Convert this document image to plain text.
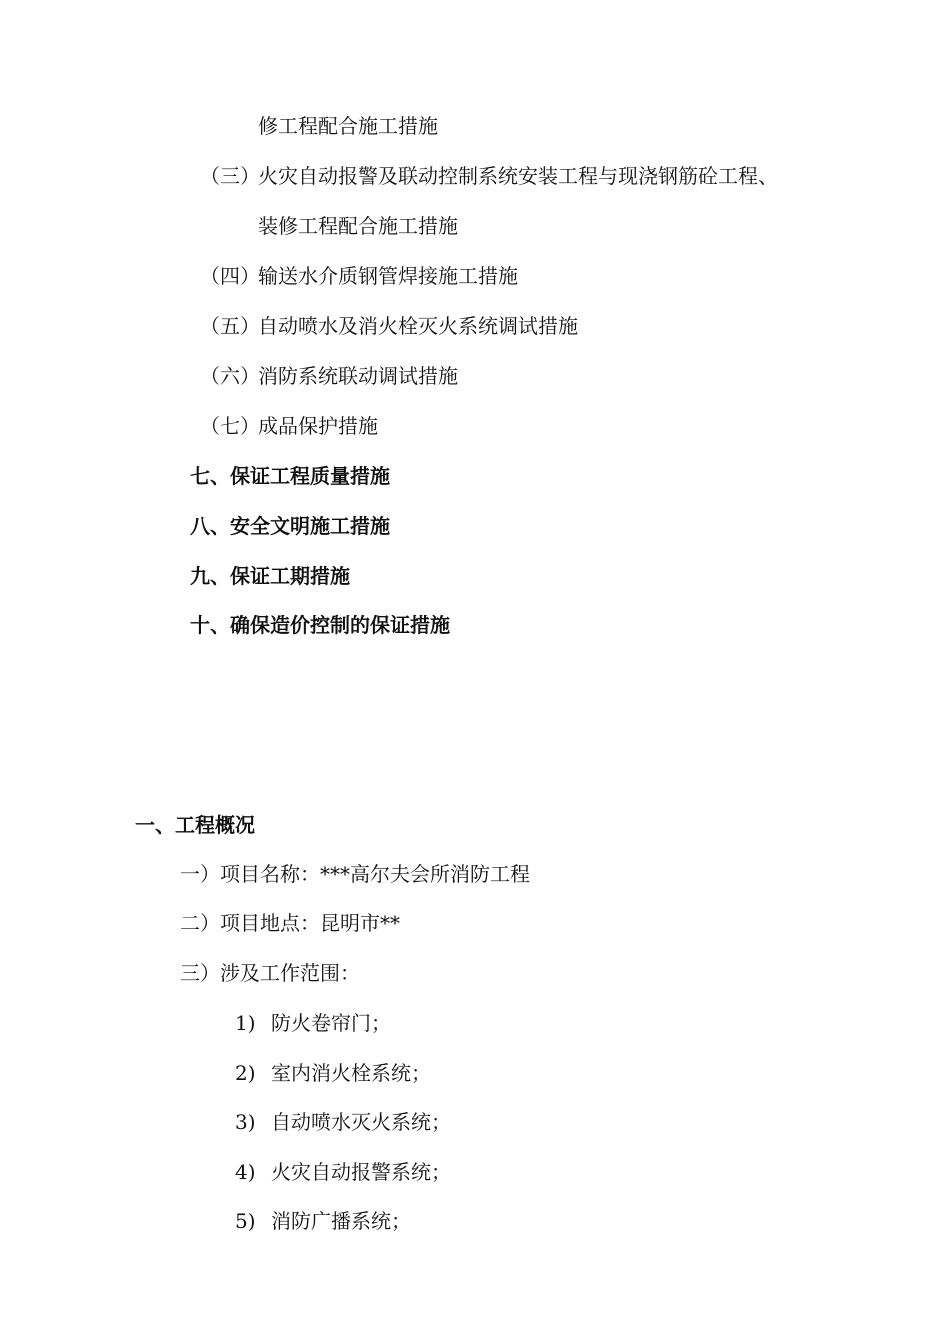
修工程配合施工措施
（三）火灾自动报警及联动控制系统安装工程与现浇钢筋砼工程、
装修工程配合施工措施
（四）输送水介质钢管焊接施工措施
（五）自动喷水及消火栓灭火系统调试措施
（六）消防系统联动调试措施
（七）成品保护措施
七、保证工程质量措施
八、安全文明施工措施
九、保证工期措施
十、确保造价控制的保证措施
一、工程概况
一）项目名称：***高尔夫会所消防工程
二）项目地点：昆明市**
三）涉及工作范围：
1) 防火卷帘门；
2) 室内消火栓系统；
3) 自动喷水灭火系统；
4) 火灾自动报警系统；
5) 消防广播系统；
